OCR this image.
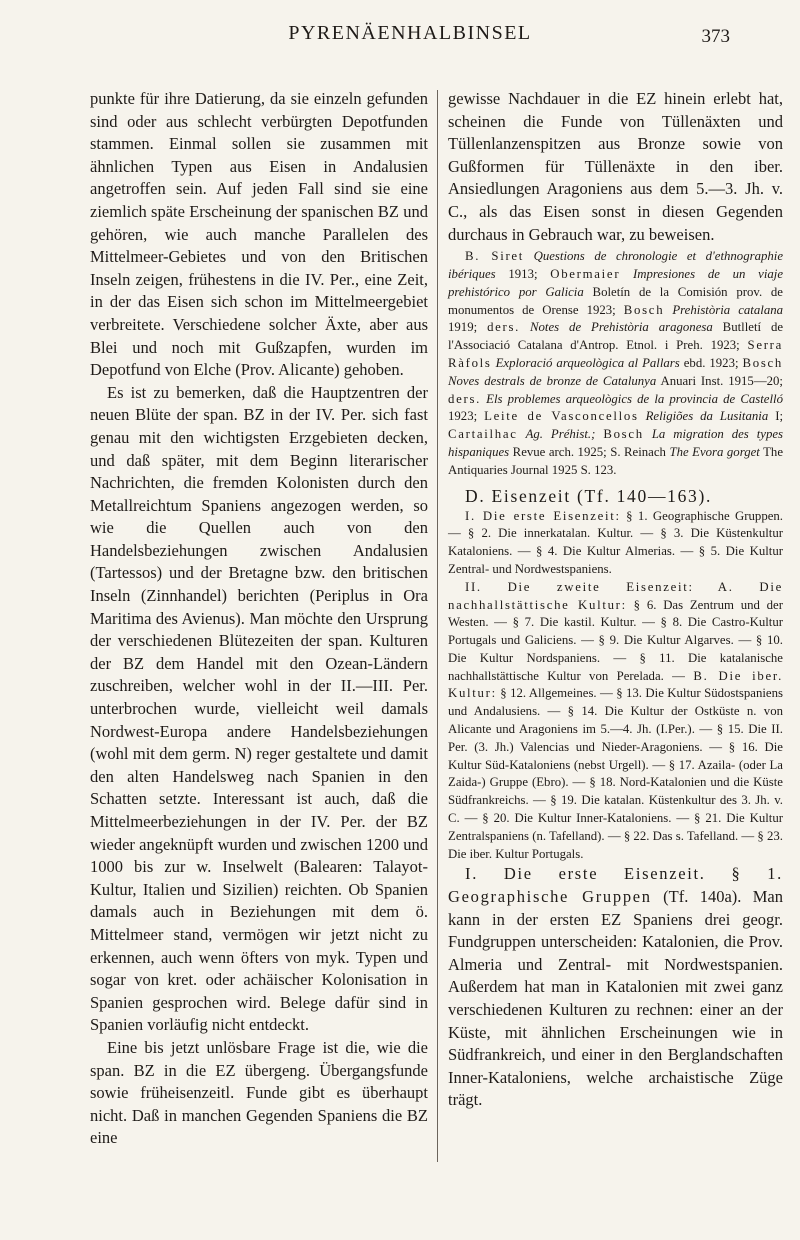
PYRENÄENHALBINSEL	373

punkte für ihre Datierung, da sie einzeln gefunden sind oder aus schlecht verbürgten Depotfunden stammen. Einmal sollen sie zusammen mit ähnlichen Typen aus Eisen in Andalusien angetroffen sein. Auf jeden Fall sind sie eine ziemlich späte Erscheinung der spanischen BZ und gehören, wie auch manche Parallelen des Mittelmeer-Gebietes und von den Britischen Inseln zeigen, frühestens in die IV. Per., eine Zeit, in der das Eisen sich schon im Mittelmeergebiet verbreitete. Verschiedene solcher Äxte, aber aus Blei und noch mit Gußzapfen, wurden im Depotfund von Elche (Prov. Alicante) gehoben.

Es ist zu bemerken, daß die Hauptzentren der neuen Blüte der span. BZ in der IV. Per. sich fast genau mit den wichtigsten Erzgebieten decken, und daß später, mit dem Beginn literarischer Nachrichten, die fremden Kolonisten durch den Metallreichtum Spaniens angezogen werden, so wie die Quellen auch von den Handelsbeziehungen zwischen Andalusien (Tartessos) und der Bretagne bzw. den britischen Inseln (Zinnhandel) berichten (Periplus in Ora Maritima des Avienus). Man möchte den Ursprung der verschiedenen Blütezeiten der span. Kulturen der BZ dem Handel mit den Ozean-Ländern zuschreiben, welcher wohl in der II.—III. Per. unterbrochen wurde, vielleicht weil damals Nordwest-Europa andere Handelsbeziehungen (wohl mit dem germ. N) reger gestaltete und damit den alten Handelsweg nach Spanien in den Schatten setzte. Interessant ist auch, daß die Mittelmeerbeziehungen in der IV. Per. der BZ wieder angeknüpft wurden und zwischen 1200 und 1000 bis zur w. Inselwelt (Balearen: Talayot-Kultur, Italien und Sizilien) reichten. Ob Spanien damals auch in Beziehungen mit dem ö. Mittelmeer stand, vermögen wir jetzt nicht zu erkennen, auch wenn öfters von myk. Typen und sogar von kret. oder achäischer Kolonisation in Spanien gesprochen wird. Belege dafür sind in Spanien vorläufig nicht entdeckt.

Eine bis jetzt unlösbare Frage ist die, wie die span. BZ in die EZ übergeng. Übergangsfunde sowie früheisenzeitl. Funde gibt es überhaupt nicht. Daß in manchen Gegenden Spaniens die BZ eine

gewisse Nachdauer in die EZ hinein erlebt hat, scheinen die Funde von Tüllenäxten und Tüllenlanzenspitzen aus Bronze sowie von Gußformen für Tüllenäxte in den iber. Ansiedlungen Aragoniens aus dem 5.—3. Jh. v. C., als das Eisen sonst in diesen Gegenden durchaus in Gebrauch war, zu beweisen.

B. Siret Questions de chronologie et d'ethnographie ibériques 1913; Obermaier Impresiones de un viaje prehistórico por Galicia Boletín de la Comisión prov. de monumentos de Orense 1923; Bosch Prehistòria catalana 1919; ders. Notes de Prehistòria aragonesa Butlletí de l'Associació Catalana d'Antrop. Etnol. i Preh. 1923; Serra Ràfols Exploració arqueològica al Pallars ebd. 1923; Bosch Noves destrals de bronze de Catalunya Anuari Inst. 1915—20; ders. Els problemes arqueològics de la provincia de Castelló 1923; Leite de Vasconcellos Religiões da Lusitania I; Cartailhac Ag. Préhist.; Bosch La migration des types hispaniques Revue arch. 1925; S. Reinach The Evora gorget The Antiquaries Journal 1925 S. 123.

D. Eisenzeit (Tf. 140—163).

I. Die erste Eisenzeit: § 1. Geographische Gruppen. — § 2. Die innerkatalan. Kultur. — § 3. Die Küstenkultur Kataloniens. — § 4. Die Kultur Almerias. — § 5. Die Kultur Zentral- und Nordwestspaniens.

II. Die zweite Eisenzeit: A. Die nachhallstättische Kultur: § 6. Das Zentrum und der Westen. — § 7. Die kastil. Kultur. — § 8. Die Castro-Kultur Portugals und Galiciens. — § 9. Die Kultur Algarves. — § 10. Die Kultur Nordspaniens. — § 11. Die katalanische nachhallstättische Kultur von Perelada. — B. Die iber. Kultur: § 12. Allgemeines. — § 13. Die Kultur Südostspaniens und Andalusiens. — § 14. Die Kultur der Ostküste n. von Alicante und Aragoniens im 5.—4. Jh. (I.Per.). — § 15. Die II. Per. (3. Jh.) Valencias und Nieder-Aragoniens. — § 16. Die Kultur Süd-Kataloniens (nebst Urgell). — § 17. Azaila- (oder La Zaida-) Gruppe (Ebro). — § 18. Nord-Katalonien und die Küste Südfrankreichs. — § 19. Die katalan. Küstenkultur des 3. Jh. v. C. — § 20. Die Kultur Inner-Kataloniens. — § 21. Die Kultur Zentralspaniens (n. Tafelland). — § 22. Das s. Tafelland. — § 23. Die iber. Kultur Portugals.

I. Die erste Eisenzeit. § 1. Geographische Gruppen (Tf. 140a). Man kann in der ersten EZ Spaniens drei geogr. Fundgruppen unterscheiden: Katalonien, die Prov. Almeria und Zentral- mit Nordwestspanien. Außerdem hat man in Katalonien mit zwei ganz verschiedenen Kulturen zu rechnen: einer an der Küste, mit ähnlichen Erscheinungen wie in Südfrankreich, und einer in den Berglandschaften Inner-Kataloniens, welche archaistische Züge trägt.
